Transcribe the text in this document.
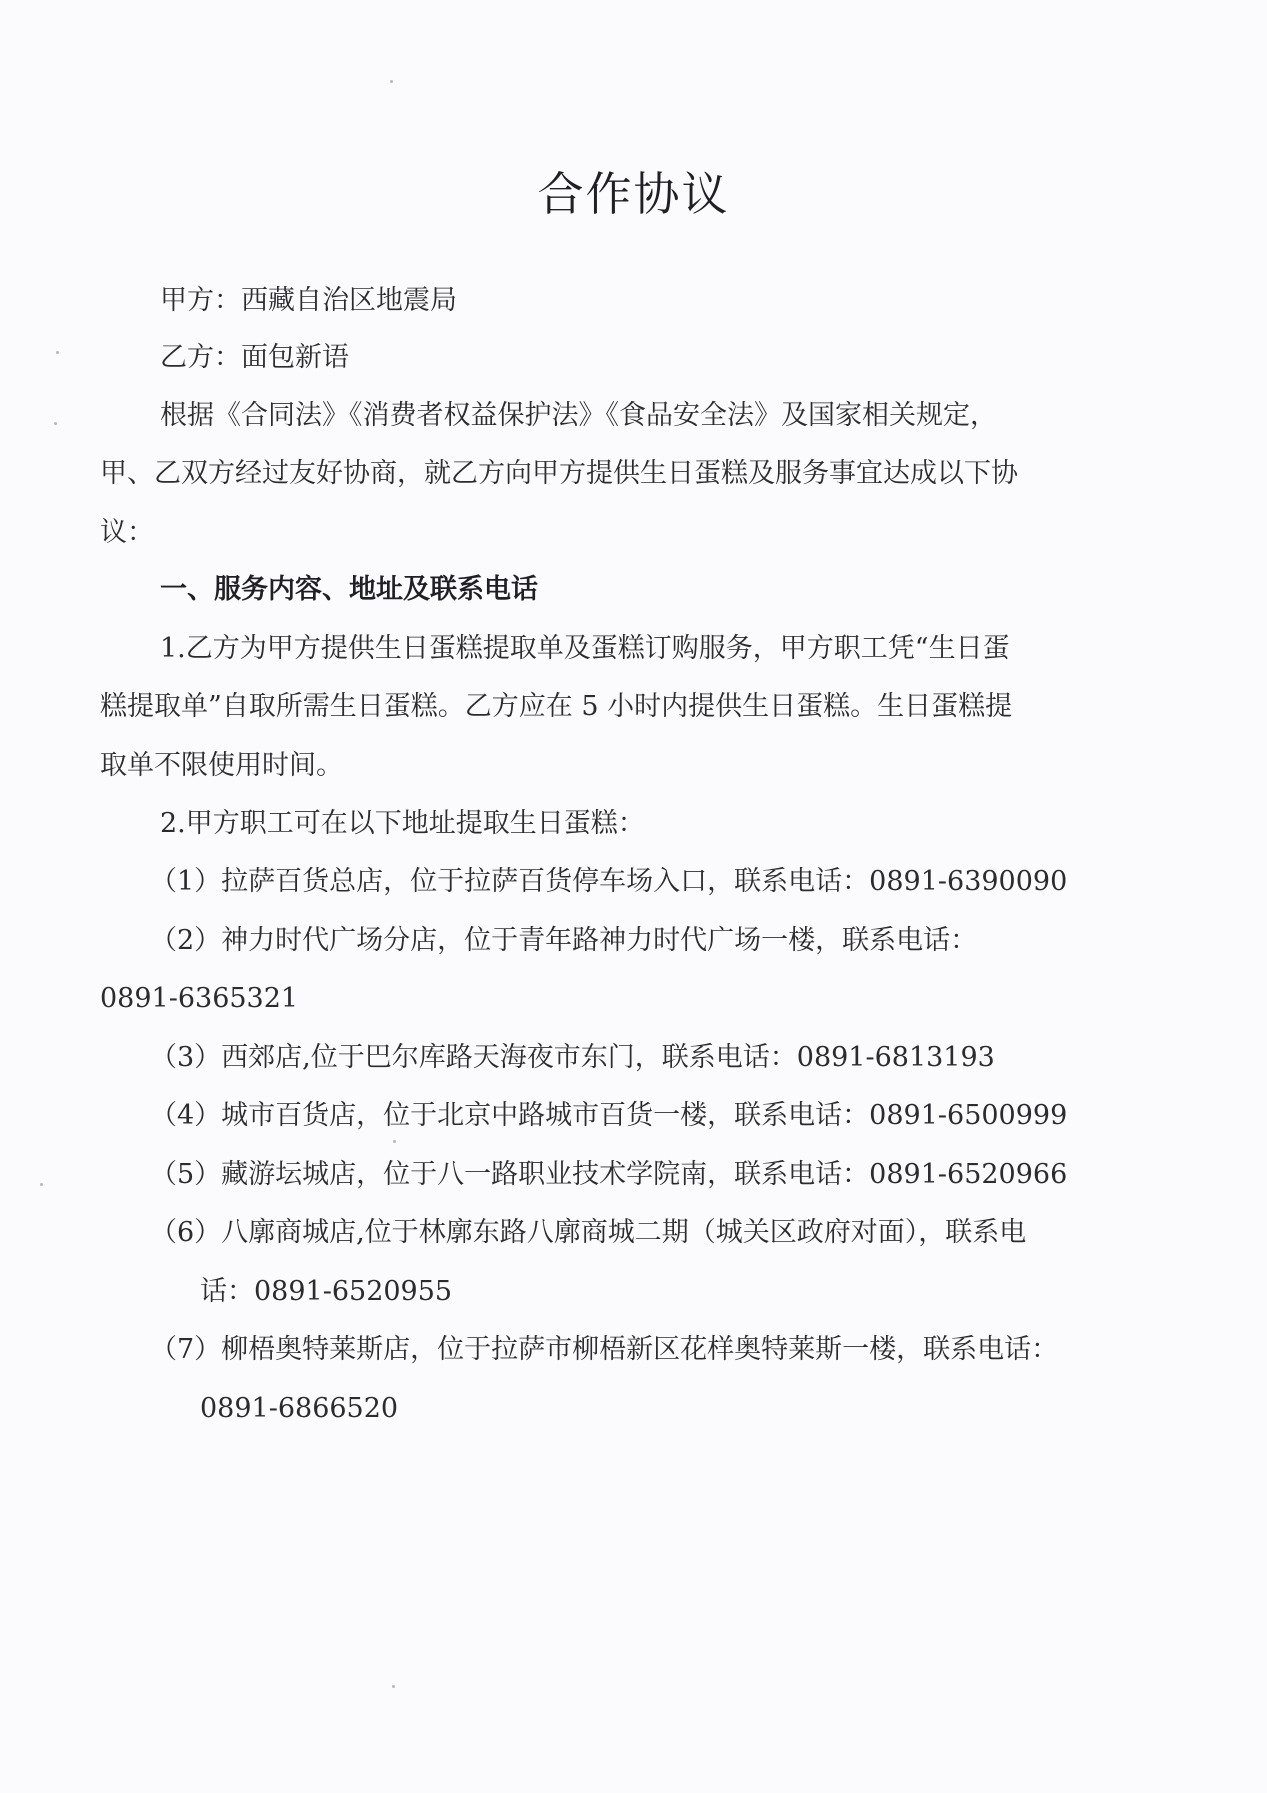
合作协议
甲方：西藏自治区地震局
乙方：面包新语
根据《合同法》《消费者权益保护法》《食品安全法》及国家相关规定，
甲、乙双方经过友好协商，就乙方向甲方提供生日蛋糕及服务事宜达成以下协
议：
一、服务内容、地址及联系电话
1.乙方为甲方提供生日蛋糕提取单及蛋糕订购服务，甲方职工凭“生日蛋
糕提取单”自取所需生日蛋糕。乙方应在 5 小时内提供生日蛋糕。生日蛋糕提
取单不限使用时间。
2.甲方职工可在以下地址提取生日蛋糕：
（1）拉萨百货总店，位于拉萨百货停车场入口，联系电话：0891-6390090
（2）神力时代广场分店，位于青年路神力时代广场一楼，联系电话：
0891-6365321
（3）西郊店,位于巴尔库路天海夜市东门，联系电话：0891-6813193
（4）城市百货店，位于北京中路城市百货一楼，联系电话：0891-6500999
（5）藏游坛城店，位于八一路职业技术学院南，联系电话：0891-6520966
（6）八廓商城店,位于林廓东路八廓商城二期（城关区政府对面），联系电
话：0891-6520955
（7）柳梧奥特莱斯店，位于拉萨市柳梧新区花样奥特莱斯一楼，联系电话：
0891-6866520
